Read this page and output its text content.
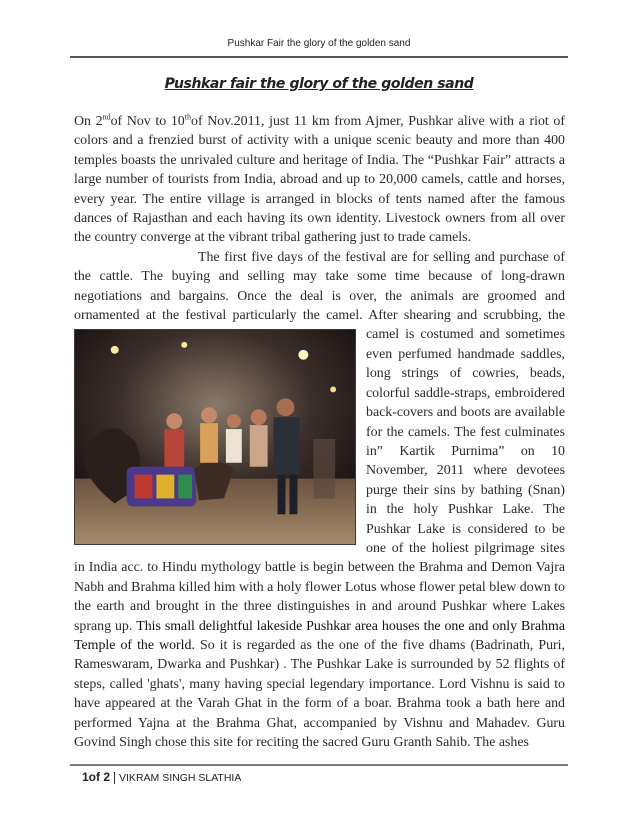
Pushkar Fair the glory of the golden sand
Pushkar fair the glory of the golden sand

On 2ndof Nov to 10thof Nov.2011, just 11 km from Ajmer, Pushkar alive with a riot of colors and a frenzied burst of activity with a unique scenic beauty and more than 400 temples boasts the unrivaled culture and heritage of India. The “Pushkar Fair” attracts a large number of tourists from India, abroad and up to 20,000 camels, cattle and horses, every year. The entire village is arranged in blocks of tents named after the famous dances of Rajasthan and each having its own identity. Livestock owners from all over the country converge at the vibrant tribal gathering just to trade camels.

The first five days of the festival are for selling and purchase of the cattle. The buying and selling may take some time because of long-drawn negotiations and bargains. Once the deal is over, the animals are groomed and ornamented at the festival particularly the camel. After shearing and scrubbing, the
camel is costumed and sometimes even perfumed handmade saddles, long strings of cowries, beads, colorful saddle-straps, embroidered back-covers and boots are available for the camels. The fest culminates in” Kartik Purnima” on 10 November, 2011 where devotees purge their sins by bathing (Snan) in the holy Pushkar Lake. The Pushkar Lake is considered to be one of the holiest pilgrimage sites in India acc. to Hindu mythology battle is begin between the Brahma and Demon Vajra Nabh and Brahma killed him with a holy flower Lotus whose flower petal blew down to the earth and brought in the three distinguishes in and around Pushkar where Lakes sprang up. This small delightful lakeside Pushkar area houses the one and only Brahma Temple of the world. So it is regarded as the one of the five dhams (Badrinath, Puri, Rameswaram, Dwarka and Pushkar) . The Pushkar Lake is surrounded by 52 flights of steps, called 'ghats', many having special legendary importance. Lord Vishnu is said to have appeared at the Varah Ghat in the form of a boar. Brahma took a bath here and performed Yajna at the Brahma Ghat, accompanied by Vishnu and Mahadev. Guru Govind Singh chose this site for reciting the sacred Guru Granth Sahib. The ashes

1of 2 VIKRAM SINGH SLATHIA
